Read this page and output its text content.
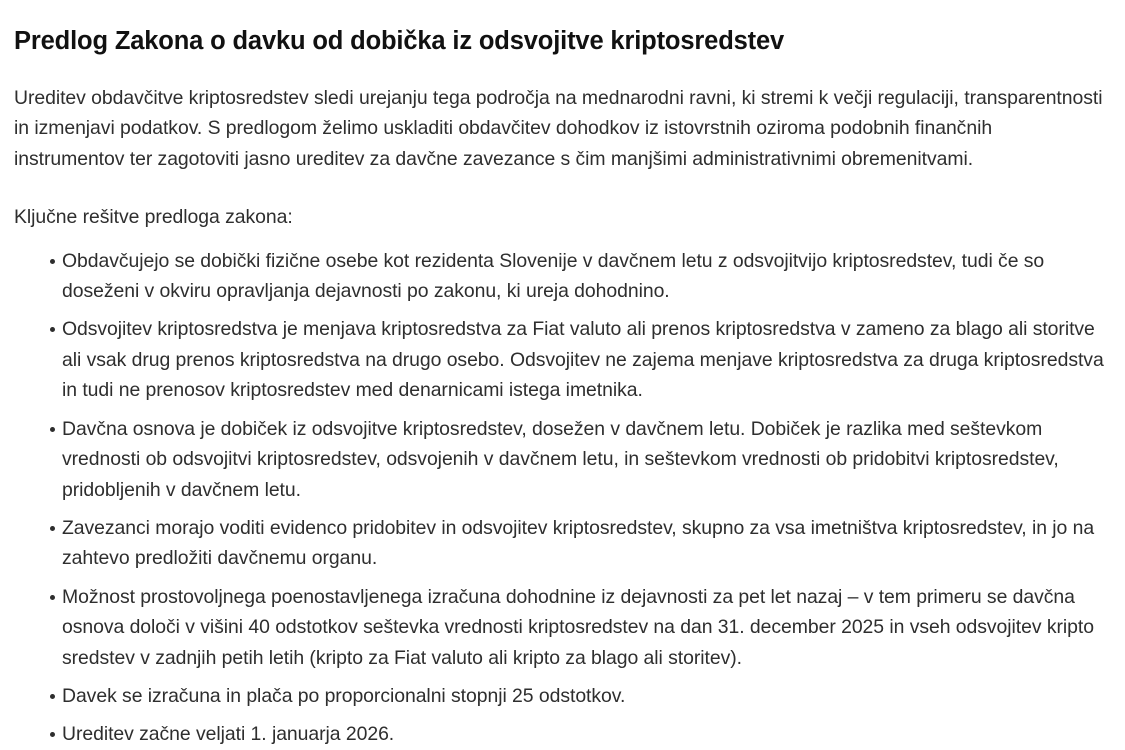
Predlog Zakona o davku od dobička iz odsvojitve kriptosredstev

Ureditev obdavčitve kriptosredstev sledi urejanju tega področja na mednarodni ravni, ki stremi k večji regulaciji, transparentnosti in izmenjavi podatkov. S predlogom želimo uskladiti obdavčitev dohodkov iz istovrstnih oziroma podobnih finančnih instrumentov ter zagotoviti jasno ureditev za davčne zavezance s čim manjšimi administrativnimi obremenitvami.

Ključne rešitve predloga zakona:

Obdavčujejo se dobički fizične osebe kot rezidenta Slovenije v davčnem letu z odsvojitvijo kriptosredstev, tudi če so doseženi v okviru opravljanja dejavnosti po zakonu, ki ureja dohodnino.
Odsvojitev kriptosredstva je menjava kriptosredstva za Fiat valuto ali prenos kriptosredstva v zameno za blago ali storitve ali vsak drug prenos kriptosredstva na drugo osebo. Odsvojitev ne zajema menjave kriptosredstva za druga kriptosredstva in tudi ne prenosov kriptosredstev med denarnicami istega imetnika.
Davčna osnova je dobiček iz odsvojitve kriptosredstev, dosežen v davčnem letu. Dobiček je razlika med seštevkom vrednosti ob odsvojitvi kriptosredstev, odsvojenih v davčnem letu, in seštevkom vrednosti ob pridobitvi kriptosredstev, pridobljenih v davčnem letu.
Zavezanci morajo voditi evidenco pridobitev in odsvojitev kriptosredstev, skupno za vsa imetništva kriptosredstev, in jo na zahtevo predložiti davčnemu organu.
Možnost prostovoljnega poenostavljenega izračuna dohodnine iz dejavnosti za pet let nazaj – v tem primeru se davčna osnova določi v višini 40 odstotkov seštevka vrednosti kriptosredstev na dan 31. december 2025 in vseh odsvojitev kripto sredstev v zadnjih petih letih (kripto za Fiat valuto ali kripto za blago ali storitev).
Davek se izračuna in plača po proporcionalni stopnji 25 odstotkov.
Ureditev začne veljati 1. januarja 2026.
